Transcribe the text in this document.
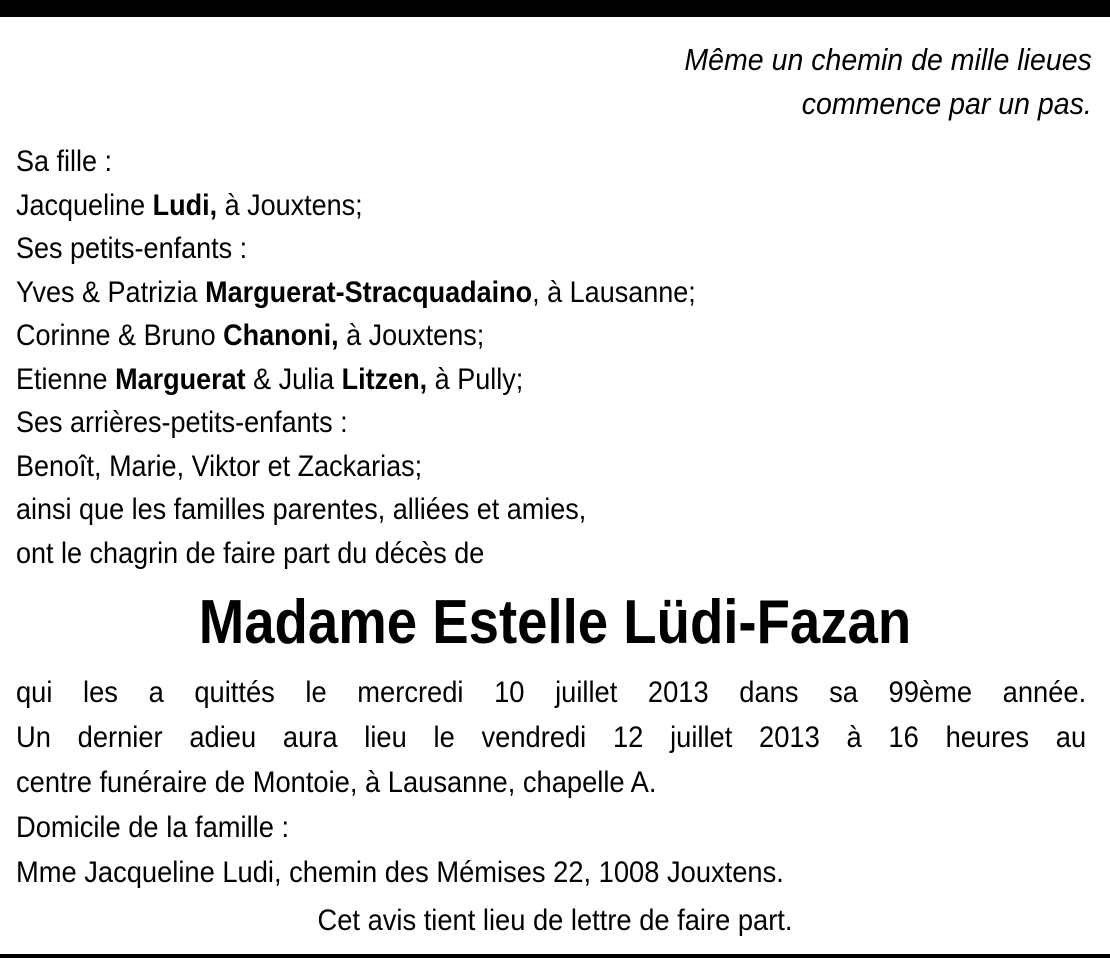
Même un chemin de mille lieues
commence par un pas.
Sa fille :
Jacqueline Ludi, à Jouxtens;
Ses petits-enfants :
Yves & Patrizia Marguerat-Stracquadaino, à Lausanne;
Corinne & Bruno Chanoni, à Jouxtens;
Etienne Marguerat & Julia Litzen, à Pully;
Ses arrières-petits-enfants :
Benoît, Marie, Viktor et Zackarias;
ainsi que les familles parentes, alliées et amies,
ont le chagrin de faire part du décès de
Madame Estelle Lüdi-Fazan
qui les a quittés le mercredi 10 juillet 2013 dans sa 99ème année.
Un dernier adieu aura lieu le vendredi 12 juillet 2013 à 16 heures au
centre funéraire de Montoie, à Lausanne, chapelle A.
Domicile de la famille :
Mme Jacqueline Ludi, chemin des Mémises 22, 1008 Jouxtens.
Cet avis tient lieu de lettre de faire part.
